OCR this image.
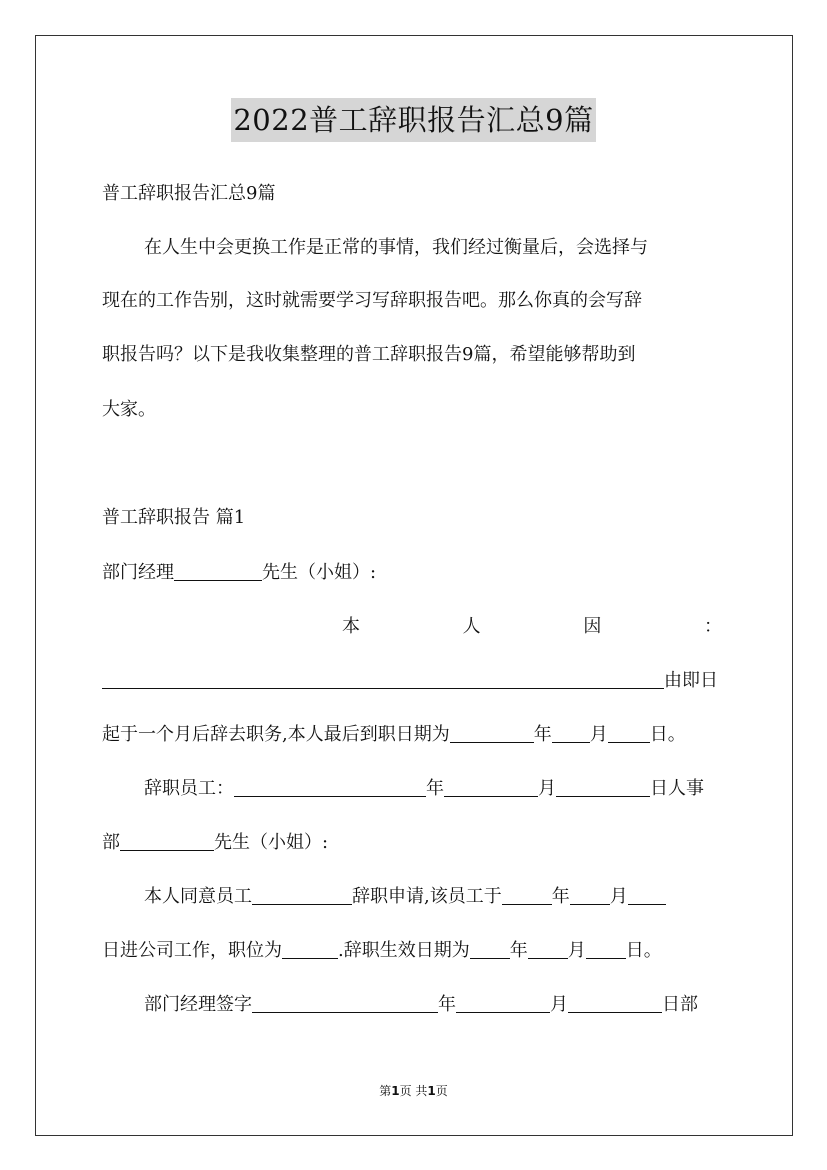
2022普工辞职报告汇总9篇
普工辞职报告汇总9篇
在人生中会更换工作是正常的事情，我们经过衡量后，会选择与
现在的工作告别，这时就需要学习写辞职报告吧。那么你真的会写辞
职报告吗？以下是我收集整理的普工辞职报告9篇，希望能够帮助到
大家。
普工辞职报告 篇1
部门经理	先生（小姐）:
本	人	因	：
由即日
起于一个月后辞去职务,本人最后到职日期为	年 月 日。
辞职员工：	年	月	日人事
部	先生（小姐）:
本人同意员工	辞职申请,该员工于	年 月
日进公司工作，职位为	.辞职生效日期为 年 月 日。
部门经理签字	年	月	日部
第1页 共1页
